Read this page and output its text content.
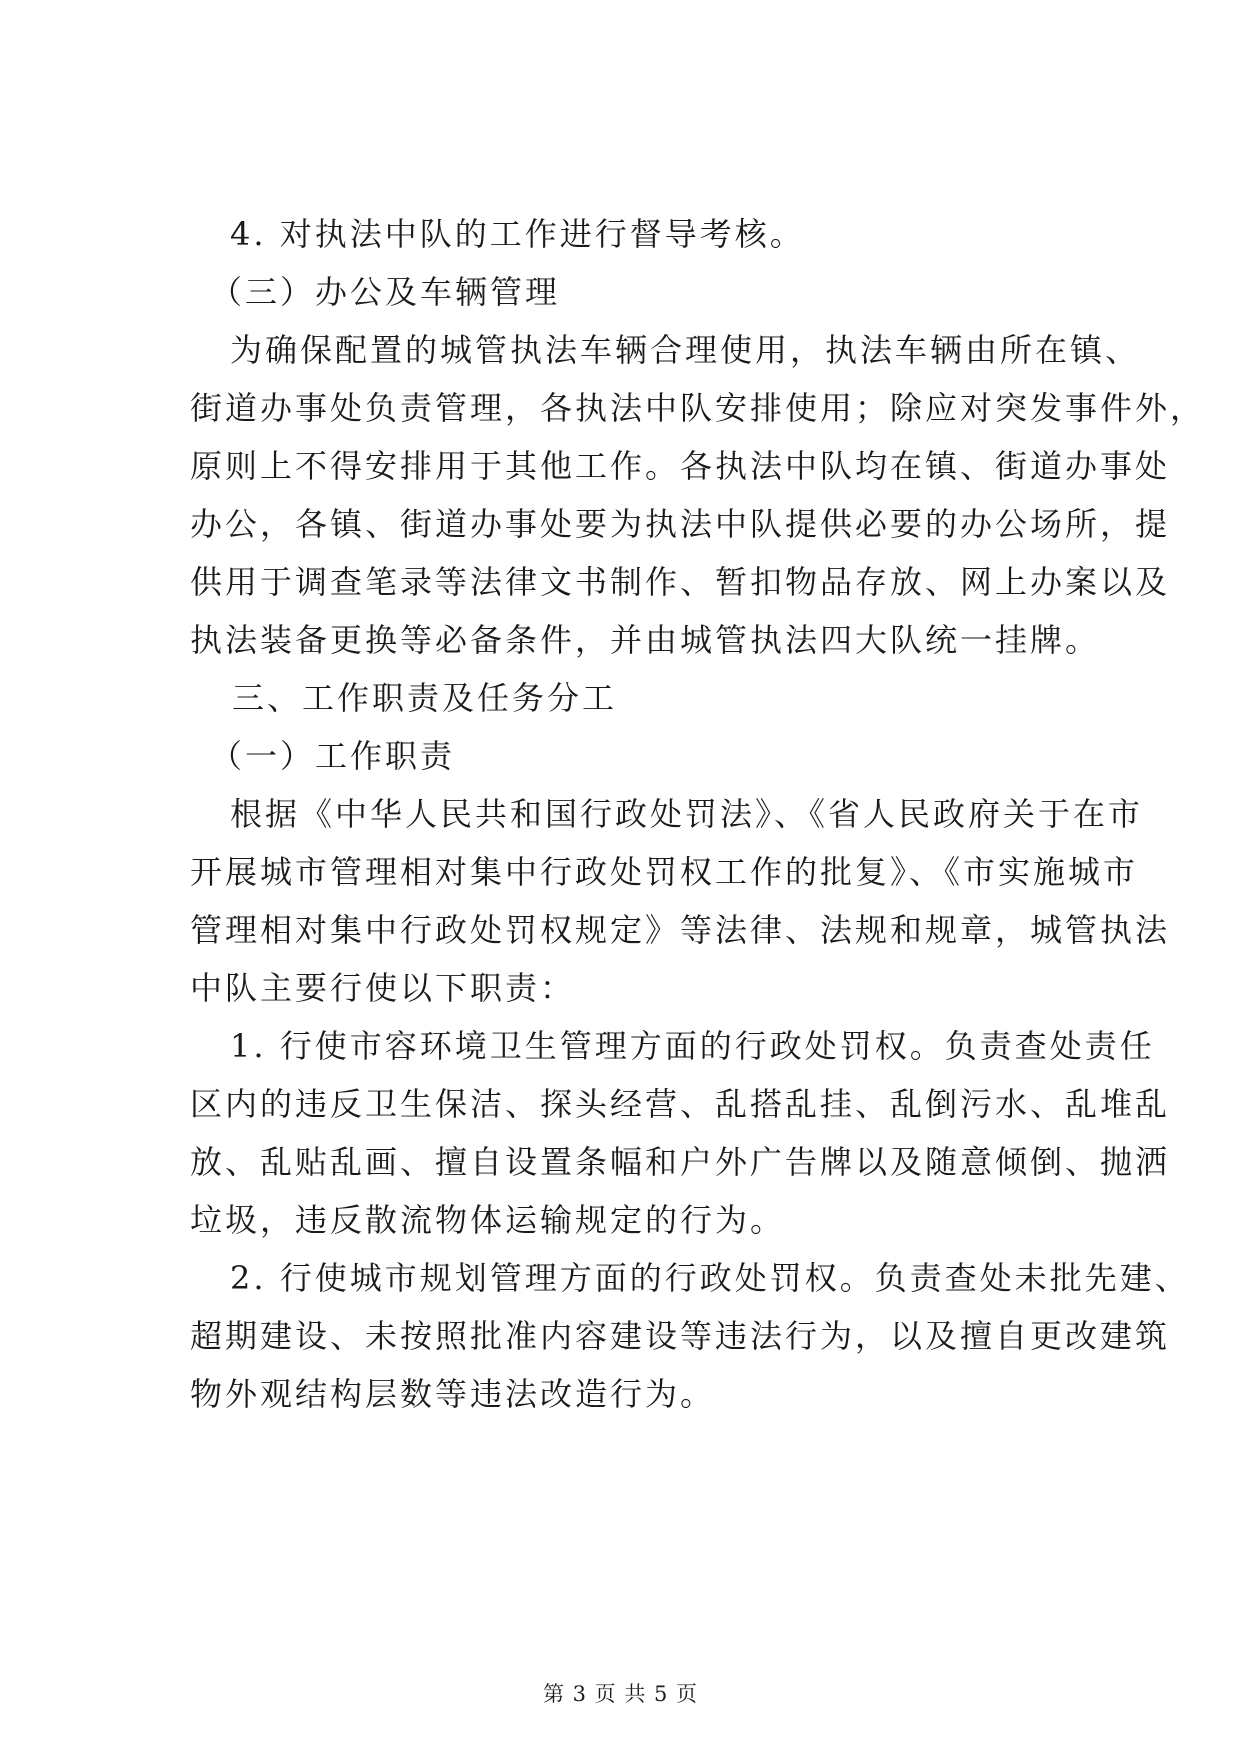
4. 对执法中队的工作进行督导考核。
（三）办公及车辆管理
为确保配置的城管执法车辆合理使用，执法车辆由所在镇、
街道办事处负责管理，各执法中队安排使用；除应对突发事件外，
原则上不得安排用于其他工作。各执法中队均在镇、街道办事处
办公，各镇、街道办事处要为执法中队提供必要的办公场所，提
供用于调查笔录等法律文书制作、暂扣物品存放、网上办案以及
执法装备更换等必备条件，并由城管执法四大队统一挂牌。
三、工作职责及任务分工
（一）工作职责
根据《中华人民共和国行政处罚法》、《省人民政府关于在市
开展城市管理相对集中行政处罚权工作的批复》、《市实施城市
管理相对集中行政处罚权规定》等法律、法规和规章，城管执法
中队主要行使以下职责：
1. 行使市容环境卫生管理方面的行政处罚权。负责查处责任
区内的违反卫生保洁、探头经营、乱搭乱挂、乱倒污水、乱堆乱
放、乱贴乱画、擅自设置条幅和户外广告牌以及随意倾倒、抛洒
垃圾，违反散流物体运输规定的行为。
2. 行使城市规划管理方面的行政处罚权。负责查处未批先建、
超期建设、未按照批准内容建设等违法行为，以及擅自更改建筑
物外观结构层数等违法改造行为。
第 3 页 共 5 页
